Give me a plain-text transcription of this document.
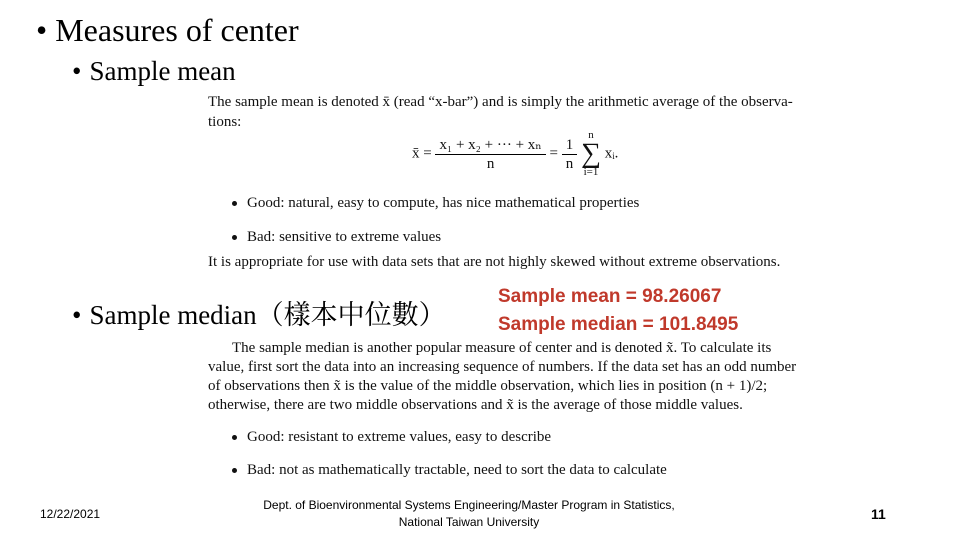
• Measures of center
• Sample mean
The sample mean is denoted x̄ (read “x-bar”) and is simply the arithmetic average of the observa-
tions:
x̄ = $\frac{\text{x₁ + x₂ + ··· + xₙ}}{n} = \frac{1}{n}$
n
∑
i=1 xᵢ.
Good: natural, easy to compute, has nice mathematical properties
Bad: sensitive to extreme values
It is appropriate for use with data sets that are not highly skewed without extreme observations.
• Sample median（樣本中位數）
Sample mean = 98.26067
Sample median = 101.8495
The sample median is another popular measure of center and is denoted x̃. To calculate its
value, first sort the data into an increasing sequence of numbers. If the data set has an odd number
of observations then x̃ is the value of the middle observation, which lies in position (n + 1)/2;
otherwise, there are two middle observations and x̃ is the average of those middle values.
Good: resistant to extreme values, easy to describe
Bad: not as mathematically tractable, need to sort the data to calculate
12/22/2021
Dept. of Bioenvironmental Systems Engineering/Master Program in Statistics,
National Taiwan University	11
